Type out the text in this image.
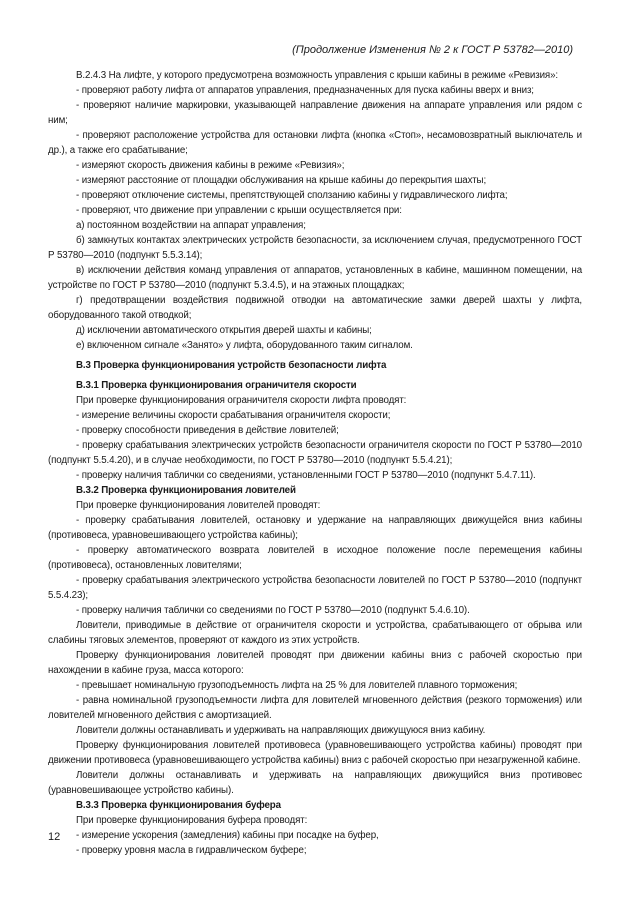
(Продолжение Изменения № 2 к ГОСТ Р 53782—2010)

В.2.4.3 На лифте, у которого предусмотрена возможность управления с крыши кабины в режиме «Ревизия»:

- проверяют работу лифта от аппаратов управления, предназначенных для пуска кабины вверх и вниз;

- проверяют наличие маркировки, указывающей направление движения на аппарате управления или рядом с ним;

- проверяют расположение устройства для остановки лифта (кнопка «Стоп», несамовозвратный выключатель и др.), а также его срабатывание;

- измеряют скорость движения кабины в режиме «Ревизия»;

- измеряют расстояние от площадки обслуживания на крыше кабины до перекрытия шахты;

- проверяют отключение системы, препятствующей сползанию кабины у гидравлического лифта;

- проверяют, что движение при управлении с крыши осуществляется при:

а) постоянном воздействии на аппарат управления;

б) замкнутых контактах электрических устройств безопасности, за исключением случая, предусмотренного ГОСТ Р 53780—2010 (подпункт 5.5.3.14);

в) исключении действия команд управления от аппаратов, установленных в кабине, машинном помещении, на устройстве по ГОСТ Р 53780—2010 (подпункт 5.3.4.5), и на этажных площадках;

г) предотвращении воздействия подвижной отводки на автоматические замки дверей шахты у лифта, оборудованного такой отводкой;

д) исключении автоматического открытия дверей шахты и кабины;

е) включенном сигнале «Занято» у лифта, оборудованного таким сигналом.

В.3 Проверка функционирования устройств безопасности лифта

В.3.1 Проверка функционирования ограничителя скорости

При проверке функционирования ограничителя скорости лифта проводят:

- измерение величины скорости срабатывания ограничителя скорости;

- проверку способности приведения в действие ловителей;

- проверку срабатывания электрических устройств безопасности ограничителя скорости по ГОСТ Р 53780—2010 (подпункт 5.5.4.20), и в случае необходимости, по ГОСТ Р 53780—2010 (подпункт 5.5.4.21);

- проверку наличия таблички со сведениями, установленными ГОСТ Р 53780—2010 (подпункт 5.4.7.11).

В.3.2 Проверка функционирования ловителей

При проверке функционирования ловителей проводят:

- проверку срабатывания ловителей, остановку и удержание на направляющих движущейся вниз кабины (противовеса, уравновешивающего устройства кабины);

- проверку автоматического возврата ловителей в исходное положение после перемещения кабины (противовеса), остановленных ловителями;

- проверку срабатывания электрического устройства безопасности ловителей по ГОСТ Р 53780—2010 (подпункт 5.5.4.23);

- проверку наличия таблички со сведениями по ГОСТ Р 53780—2010 (подпункт 5.4.6.10).

Ловители, приводимые в действие от ограничителя скорости и устройства, срабатывающего от обрыва или слабины тяговых элементов, проверяют от каждого из этих устройств.

Проверку функционирования ловителей проводят при движении кабины вниз с рабочей скоростью при нахождении в кабине груза, масса которого:

- превышает номинальную грузоподъемность лифта на 25 % для ловителей плавного торможения;

- равна номинальной грузоподъемности лифта для ловителей мгновенного действия (резкого торможения) или ловителей мгновенного действия с амортизацией.

Ловители должны останавливать и удерживать на направляющих движущуюся вниз кабину.

Проверку функционирования ловителей противовеса (уравновешивающего устройства кабины) проводят при движении противовеса (уравновешивающего устройства кабины) вниз с рабочей скоростью при незагруженной кабине.

Ловители должны останавливать и удерживать на направляющих движущийся вниз противовес (уравновешивающее устройство кабины).

В.3.3 Проверка функционирования буфера

При проверке функционирования буфера проводят:

- измерение ускорения (замедления) кабины при посадке на буфер,

- проверку уровня масла в гидравлическом буфере;

12
